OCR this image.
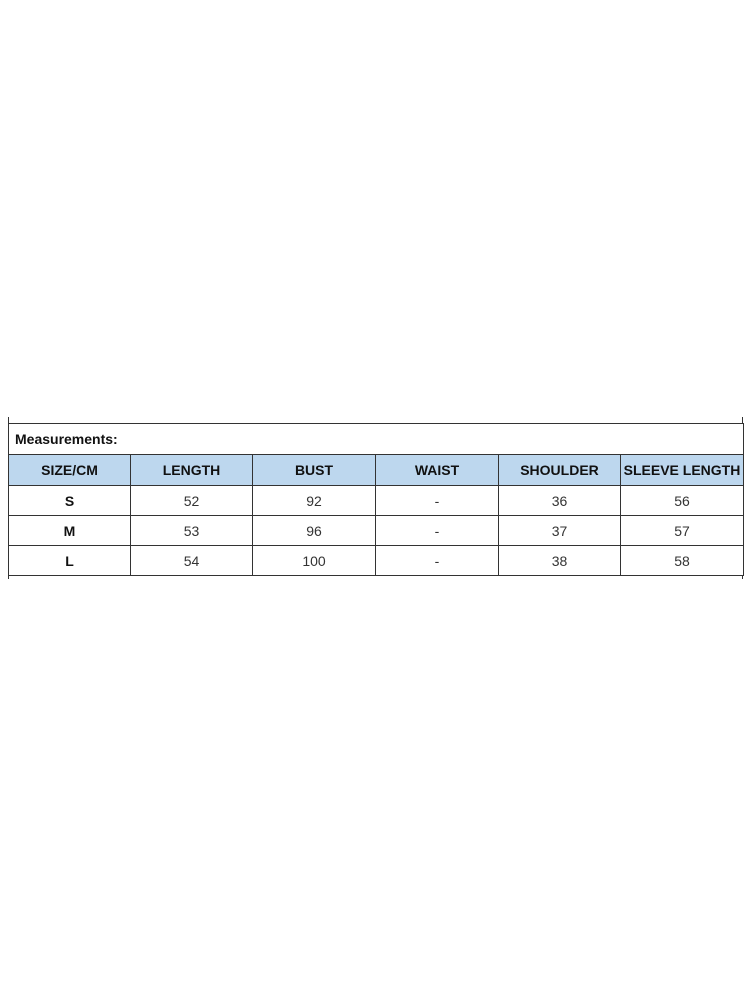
Measurements:					
SIZE/CM	LENGTH	BUST	WAIST	SHOULDER	SLEEVE LENGTH
S	52	92	-	36	56
M	53	96	-	37	57
L	54	100	-	38	58
